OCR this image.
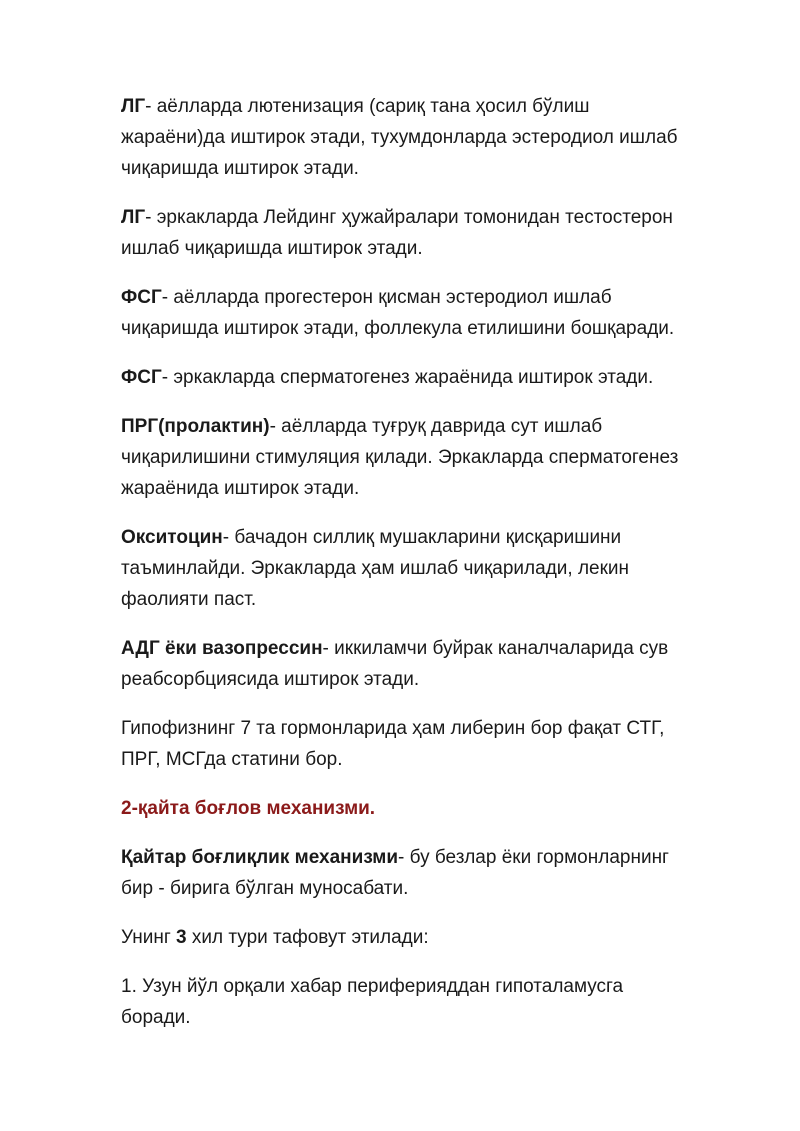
ЛГ- аёлларда лютенизация (сариқ тана ҳосил бўлиш жараёни)да иштирок этади, тухумдонларда эстеродиол ишлаб чиқаришда иштирок этади.

ЛГ- эркакларда Лейдинг ҳужайралари томонидан тестостерон ишлаб чиқаришда иштирок этади.

ФСГ- аёлларда прогестерон қисман эстеродиол ишлаб чиқаришда иштирок этади, фоллекула етилишини бошқаради.

ФСГ- эркакларда сперматогенез жараёнида иштирок этади.

ПРГ(пролактин)- аёлларда туғруқ даврида сут ишлаб чиқарилишини стимуляция қилади. Эркакларда сперматогенез жараёнида иштирок этади.

Окситоцин- бачадон силлиқ мушакларини қисқаришини таъминлайди. Эркакларда ҳам ишлаб чиқарилади, лекин фаолияти паст.

АДГ ёки вазопрессин- иккиламчи буйрак каналчаларида сув реабсорбциясида иштирок этади.

Гипофизнинг 7 та гормонларида ҳам либерин бор фақат СТГ, ПРГ, МСГда статини бор.

2-қайта боғлов механизми.

Қайтар боғлиқлик механизми- бу безлар ёки гормонларнинг бир - бирига бўлган муносабати.

Унинг 3 хил тури тафовут этилади:

1. Узун йўл орқали хабар периферияддан гипоталамусга боради.
